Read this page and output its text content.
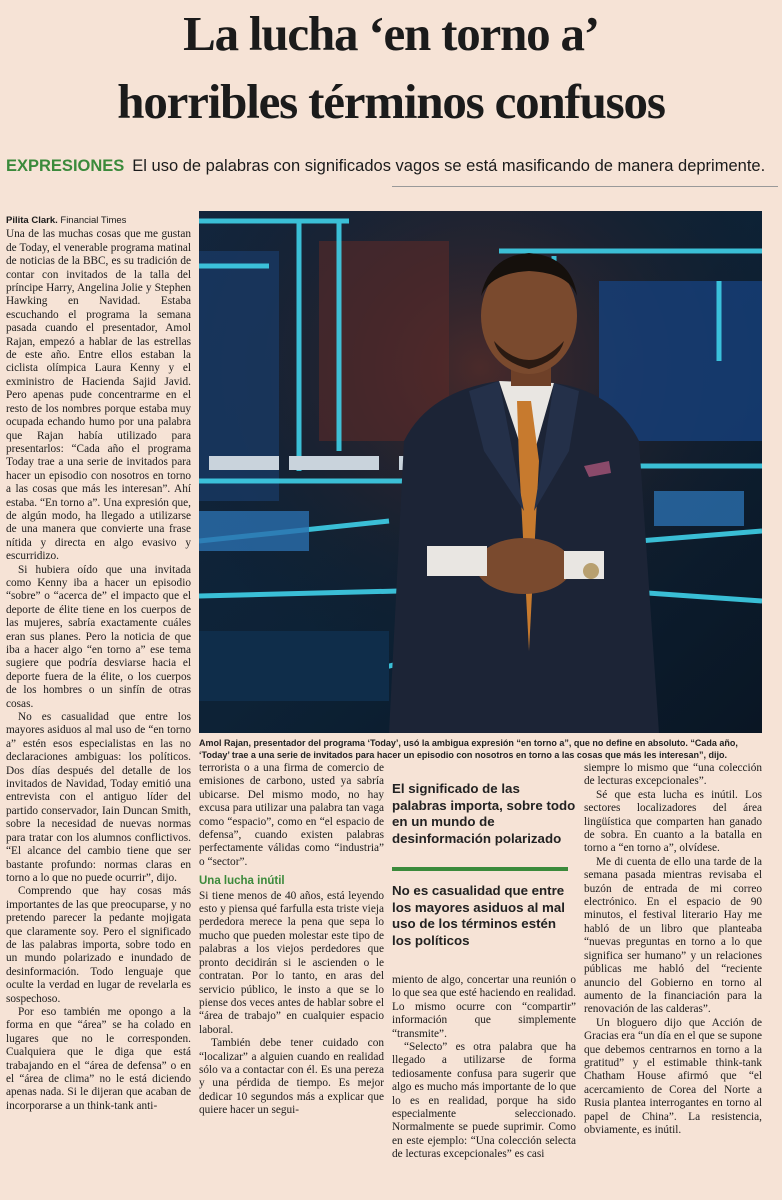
La lucha ‘en torno a’
horribles términos confusos
EXPRESIONES El uso de palabras con significados vagos se está masificando de manera deprimente.
Pilita Clark. Financial Times

Una de las muchas cosas que me gustan de Today, el venerable programa matinal de noticias de la BBC, es su tradición de contar con invitados de la talla del príncipe Harry, Angelina Jolie y Stephen Hawking en Navidad. Estaba escuchando el programa la semana pasada cuando el presentador, Amol Rajan, empezó a hablar de las estrellas de este año. Entre ellos estaban la ciclista olímpica Laura Kenny y el exministro de Hacienda Sajid Javid. Pero apenas pude concentrarme en el resto de los nombres porque estaba muy ocupada echando humo por una palabra que Rajan había utilizado para presentarlos: “Cada año el programa Today trae a una serie de invitados para hacer un episodio con nosotros en torno a las cosas que más les interesan”. Ahí estaba. “En torno a”. Una expresión que, de algún modo, ha llegado a utilizarse de una manera que convierte una frase nítida y directa en algo evasivo y escurridizo.

Si hubiera oído que una invitada como Kenny iba a hacer un episodio “sobre” o “acerca de” el impacto que el deporte de élite tiene en los cuerpos de las mujeres, sabría exactamente cuáles eran sus planes. Pero la noticia de que iba a hacer algo “en torno a” ese tema sugiere que podría desviarse hacia el deporte fuera de la élite, o los cuerpos de los hombres o un sinfín de otras cosas.

No es casualidad que entre los mayores asiduos al mal uso de “en torno a” estén esos especialistas en las no declaraciones ambiguas: los políticos. Dos días después del detalle de los invitados de Navidad, Today emitió una entrevista con el antiguo líder del partido conservador, Iain Duncan Smith, sobre la necesidad de nuevas normas para tratar con los alumnos conflictivos. “El alcance del cambio tiene que ser bastante profundo: normas claras en torno a lo que no puede ocurrir”, dijo.

Comprendo que hay cosas más importantes de las que preocuparse, y no pretendo parecer la pedante mojigata que claramente soy. Pero el significado de las palabras importa, sobre todo en un mundo polarizado e inundado de desinformación. Todo lenguaje que oculte la verdad en lugar de revelarla es sospechoso.

Por eso también me opongo a la forma en que “área” se ha colado en lugares que no le corresponden. Cualquiera que le diga que está trabajando en el “área de defensa” o en el “área de clima” no le está diciendo apenas nada. Si le dijeran que acaban de incorporarse a un think-tank anti-

Amol Rajan, presentador del programa ‘Today’, usó la ambigua expresión “en torno a”, que no define en absoluto. “Cada año, ‘Today’ trae a una serie de invitados para hacer un episodio con nosotros en torno a las cosas que más les interesan”, dijo.

terrorista o a una firma de comercio de emisiones de carbono, usted ya sabría ubicarse. Del mismo modo, no hay excusa para utilizar una palabra tan vaga como “espacio”, como en “el espacio de defensa”, cuando existen palabras perfectamente válidas como “industria” o “sector”.

Una lucha inútil

Si tiene menos de 40 años, está leyendo esto y piensa qué farfulla esta triste vieja perdedora merece la pena que sepa lo mucho que pueden molestar este tipo de palabras a los viejos perdedores que pronto decidirán si le ascienden o le contratan. Por lo tanto, en aras del servicio público, le insto a que se lo piense dos veces antes de hablar sobre el “área de trabajo” en cualquier espacio laboral.

También debe tener cuidado con “localizar” a alguien cuando en realidad sólo va a contactar con él. Es una pereza y una pérdida de tiempo. Es mejor dedicar 10 segundos más a explicar que quiere hacer un segui-

El significado de las palabras importa, sobre todo en un mundo de desinformación polarizado
No es casualidad que entre los mayores asiduos al mal uso de los términos estén los políticos

miento de algo, concertar una reunión o lo que sea que esté haciendo en realidad. Lo mismo ocurre con “compartir” información que simplemente “transmite”.

“Selecto” es otra palabra que ha llegado a utilizarse de forma tediosamente confusa para sugerir que algo es mucho más importante de lo que lo es en realidad, porque ha sido especialmente seleccionado. Normalmente se puede suprimir. Como en este ejemplo: “Una colección selecta de lecturas excepcionales” es casi

siempre lo mismo que “una colección de lecturas excepcionales”.

Sé que esta lucha es inútil. Los sectores localizadores del área lingüística que comparten han ganado de sobra. En cuanto a la batalla en torno a “en torno a”, olvídese.

Me di cuenta de ello una tarde de la semana pasada mientras revisaba el buzón de entrada de mi correo electrónico. En el espacio de 90 minutos, el festival literario Hay me habló de un libro que planteaba “nuevas preguntas en torno a lo que significa ser humano” y un relaciones públicas me habló del “reciente anuncio del Gobierno en torno al aumento de la financiación para la renovación de las calderas”.

Un bloguero dijo que Acción de Gracias era “un día en el que se supone que debemos centrarnos en torno a la gratitud” y el estimable think-tank Chatham House afirmó que “el acercamiento de Corea del Norte a Rusia plantea interrogantes en torno al papel de China”. La resistencia, obviamente, es inútil.
